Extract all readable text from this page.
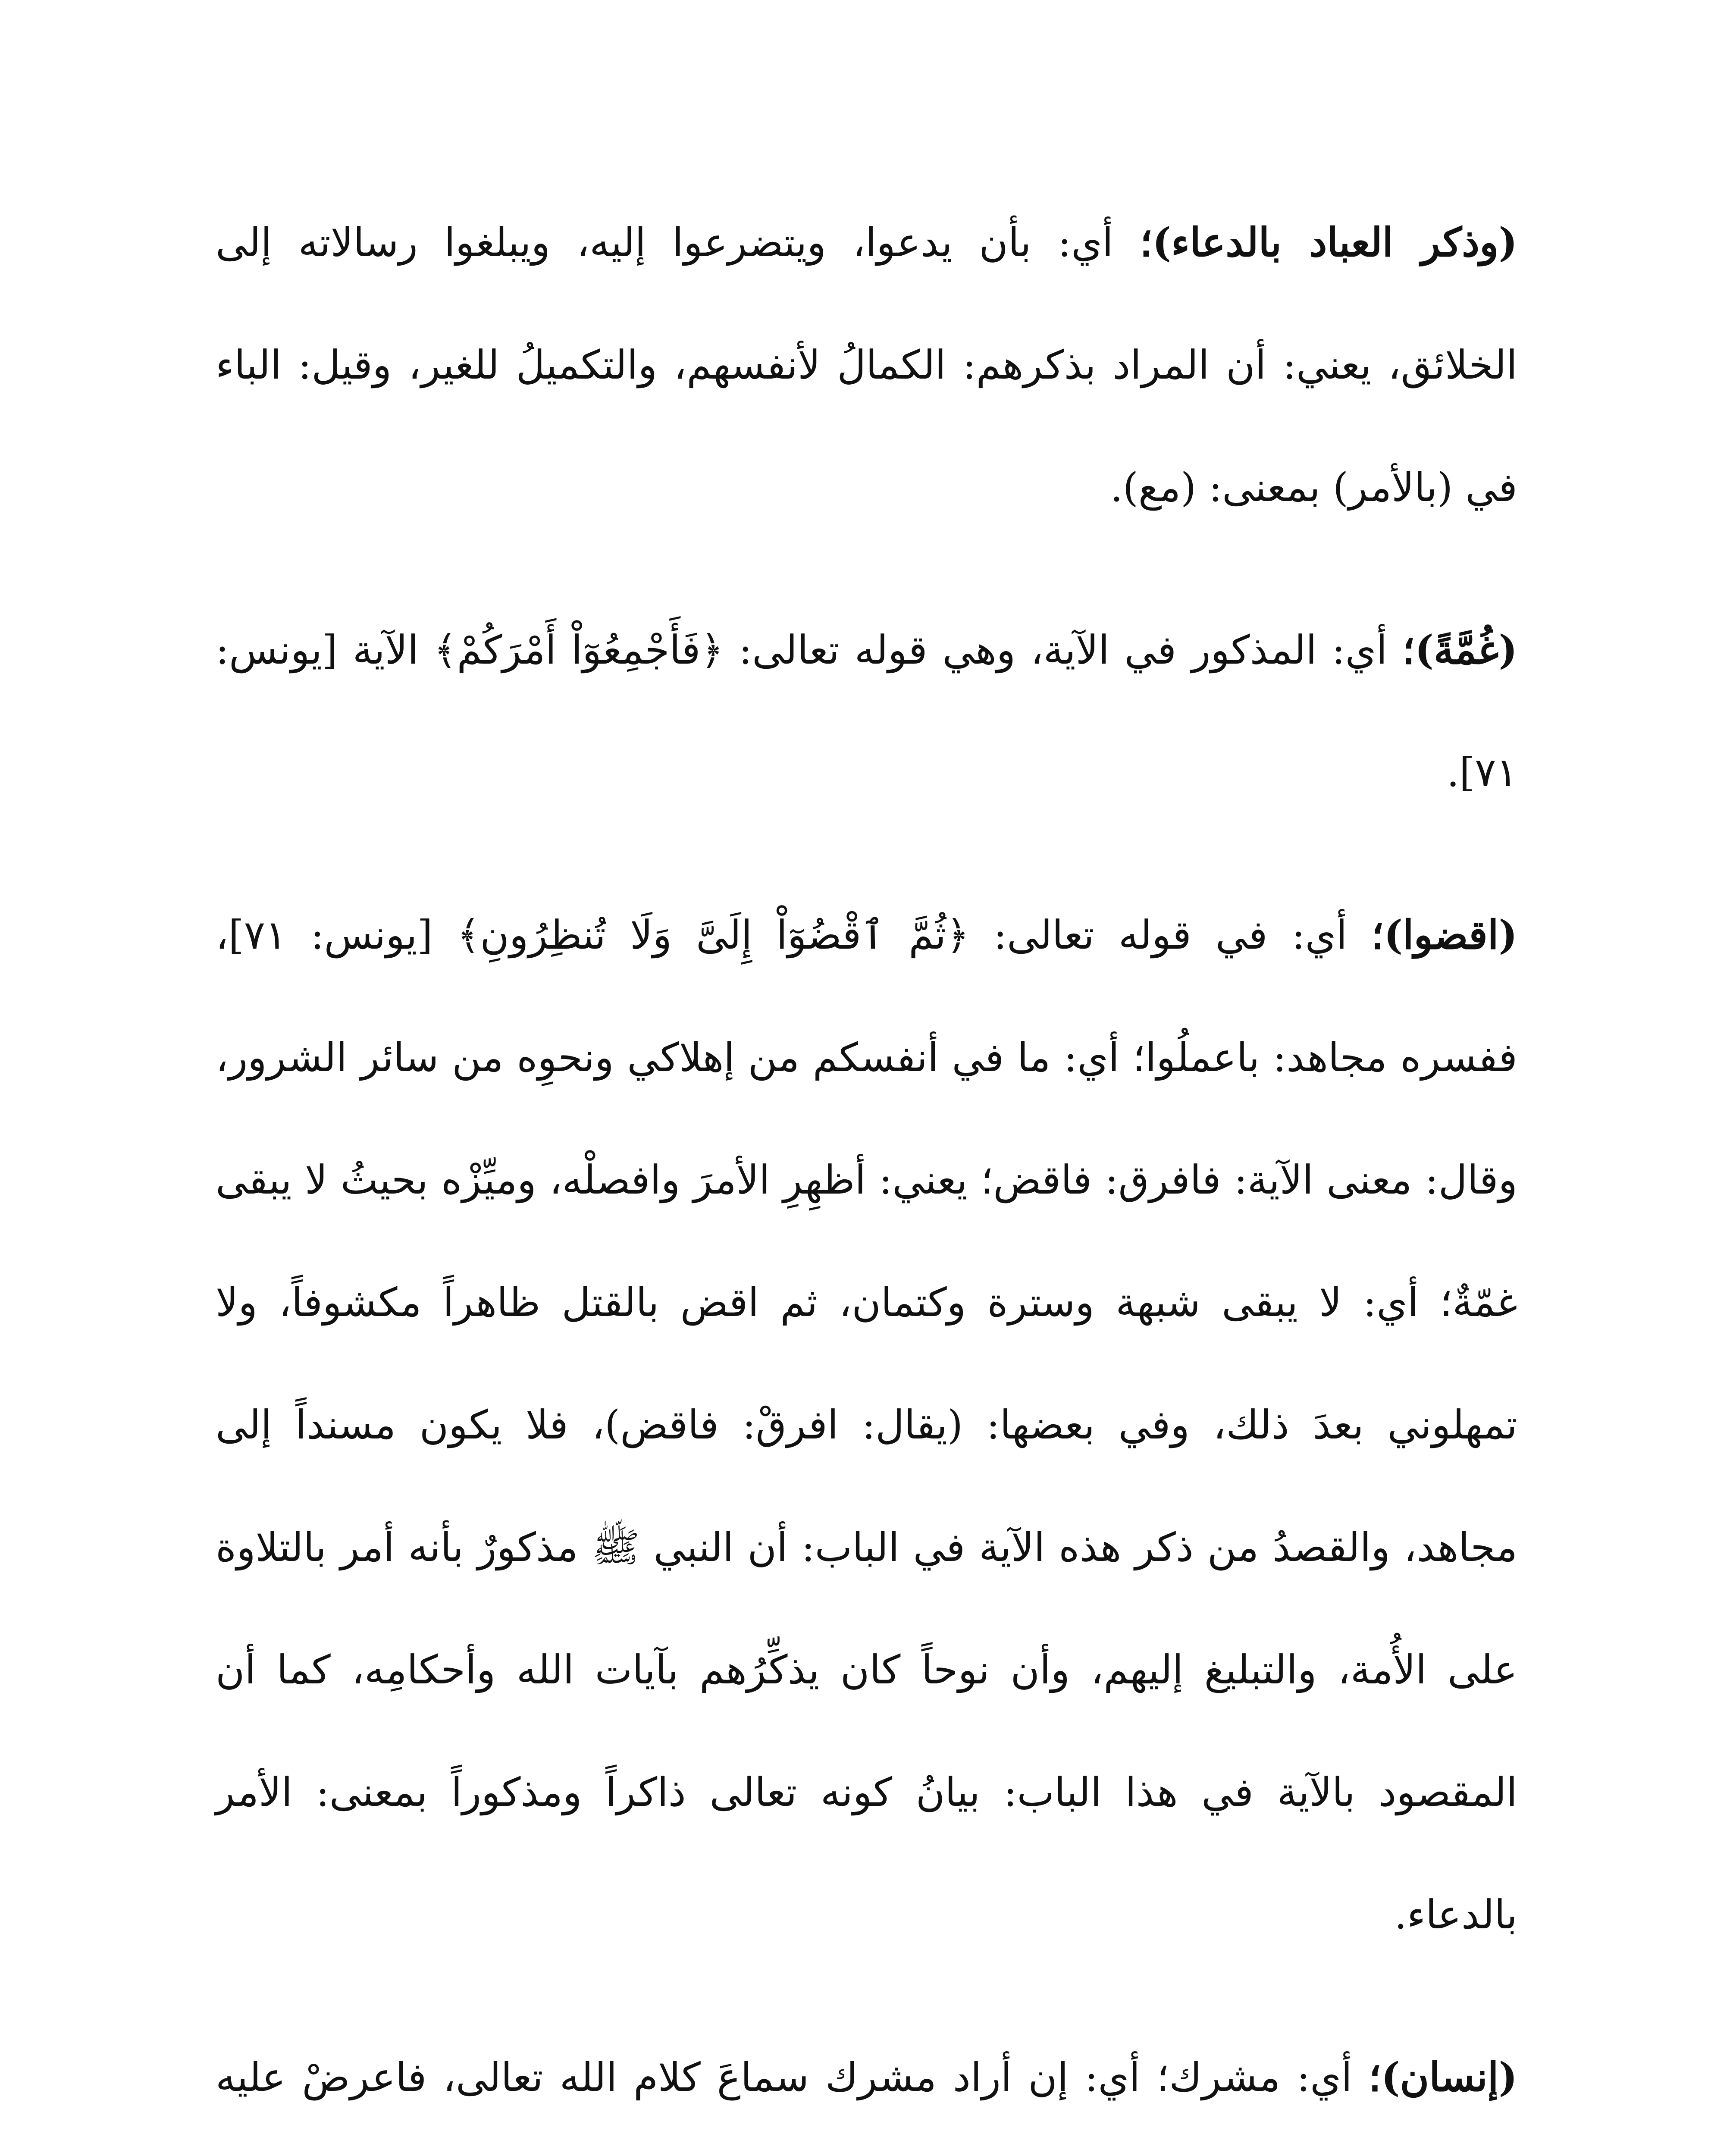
(وذكر العباد بالدعاء)؛ أي: بأن يدعوا، ويتضرعوا إليه، ويبلغوا رسالاته إلى الخلائق، يعني: أن المراد بذكرهم: الكمالُ لأنفسهم، والتكميلُ للغير، وقيل: الباء في (بالأمر) بمعنى: (مع).

(غُمَّةً)؛ أي: المذكور في الآية، وهي قوله تعالى: ﴿فَأَجْمِعُوٓاْ أَمْرَكُمْ﴾ الآية [يونس: ٧١].

(اقضوا)؛ أي: في قوله تعالى: ﴿ثُمَّ ٱقْضُوٓاْ إِلَىَّ وَلَا تُنظِرُونِ﴾ [يونس: ٧١]، ففسره مجاهد: باعملُوا؛ أي: ما في أنفسكم من إهلاكي ونحوِه من سائر الشرور، وقال: معنى الآية: فافرق: فاقض؛ يعني: أظهِرِ الأمرَ وافصلْه، وميِّزْه بحيثُ لا يبقى غمّةٌ؛ أي: لا يبقى شبهة وسترة وكتمان، ثم اقض بالقتل ظاهراً مكشوفاً، ولا تمهلوني بعدَ ذلك، وفي بعضها: (يقال: افرقْ: فاقض)، فلا يكون مسنداً إلى مجاهد، والقصدُ من ذكر هذه الآية في الباب: أن النبي ﷺ مذكورٌ بأنه أمر بالتلاوة على الأُمة، والتبليغ إليهم، وأن نوحاً كان يذكِّرُهم بآيات الله وأحكامِه، كما أن المقصود بالآية في هذا الباب: بيانُ كونه تعالى ذاكراً ومذكوراً بمعنى: الأمر بالدعاء.

(إنسان)؛ أي: مشرك؛ أي: إن أراد مشرك سماعَ كلام الله تعالى، فاعرضْ عليه
